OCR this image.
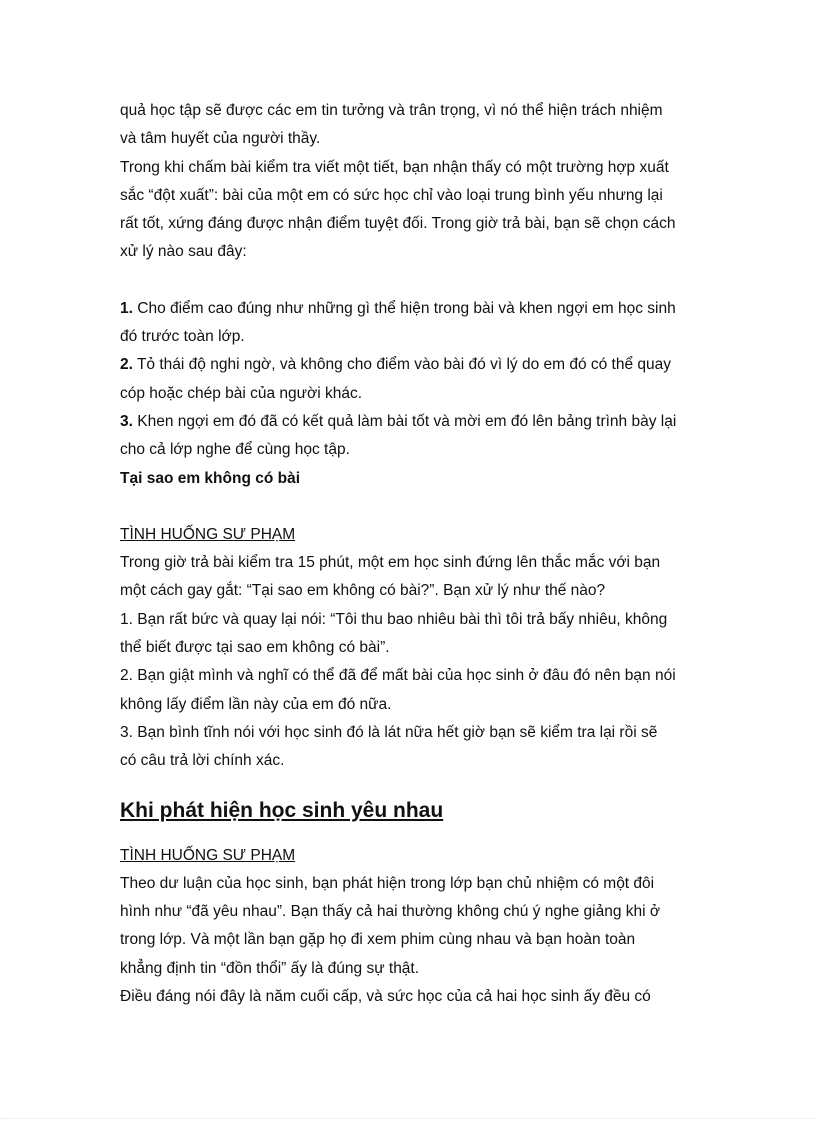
quả học tập sẽ được các em tin tưởng và trân trọng, vì nó thể hiện trách nhiệm

và tâm huyết của người thầy.

Trong khi chấm bài kiểm tra viết một tiết, bạn nhận thấy có một trường hợp xuất

sắc “đột xuất”: bài của một em có sức học chỉ vào loại trung bình yếu nhưng lại

rất tốt, xứng đáng được nhận điểm tuyệt đối. Trong giờ trả bài, bạn sẽ chọn cách

xử lý nào sau đây:

1. Cho điểm cao đúng như những gì thể hiện trong bài và khen ngợi em học sinh

đó trước toàn lớp.

2. Tỏ thái độ nghi ngờ, và không cho điểm vào bài đó vì lý do em đó có thể quay

cóp hoặc chép bài của người khác.

3. Khen ngợi em đó đã có kết quả làm bài tốt và mời em đó lên bảng trình bày lại

cho cả lớp nghe để cùng học tập.

Tại sao em không có bài

TÌNH HUỐNG SƯ PHẠM

Trong giờ trả bài kiểm tra 15 phút, một em học sinh đứng lên thắc mắc với bạn

một cách gay gắt: “Tại sao em không có bài?”. Bạn xử lý như thế nào?

1. Bạn rất bức và quay lại nói: “Tôi thu bao nhiêu bài thì tôi trả bấy nhiêu, không

thể biết được tại sao em không có bài”.

2. Bạn giật mình và nghĩ có thể đã để mất bài của học sinh ở đâu đó nên bạn nói

không lấy điểm lần này của em đó nữa.

3. Bạn bình tĩnh nói với học sinh đó là lát nữa hết giờ bạn sẽ kiểm tra lại rồi sẽ

có câu trả lời chính xác.

Khi phát hiện học sinh yêu nhau

TÌNH HUỐNG SƯ PHẠM

Theo dư luận của học sinh, bạn phát hiện trong lớp bạn chủ nhiệm có một đôi

hình như “đã yêu nhau”. Bạn thấy cả hai thường không chú ý nghe giảng khi ở

trong lớp. Và một lần bạn gặp họ đi xem phim cùng nhau và bạn hoàn toàn

khẳng định tin “đồn thổi” ấy là đúng sự thật.

Điều đáng nói đây là năm cuối cấp, và sức học của cả hai học sinh ấy đều có
